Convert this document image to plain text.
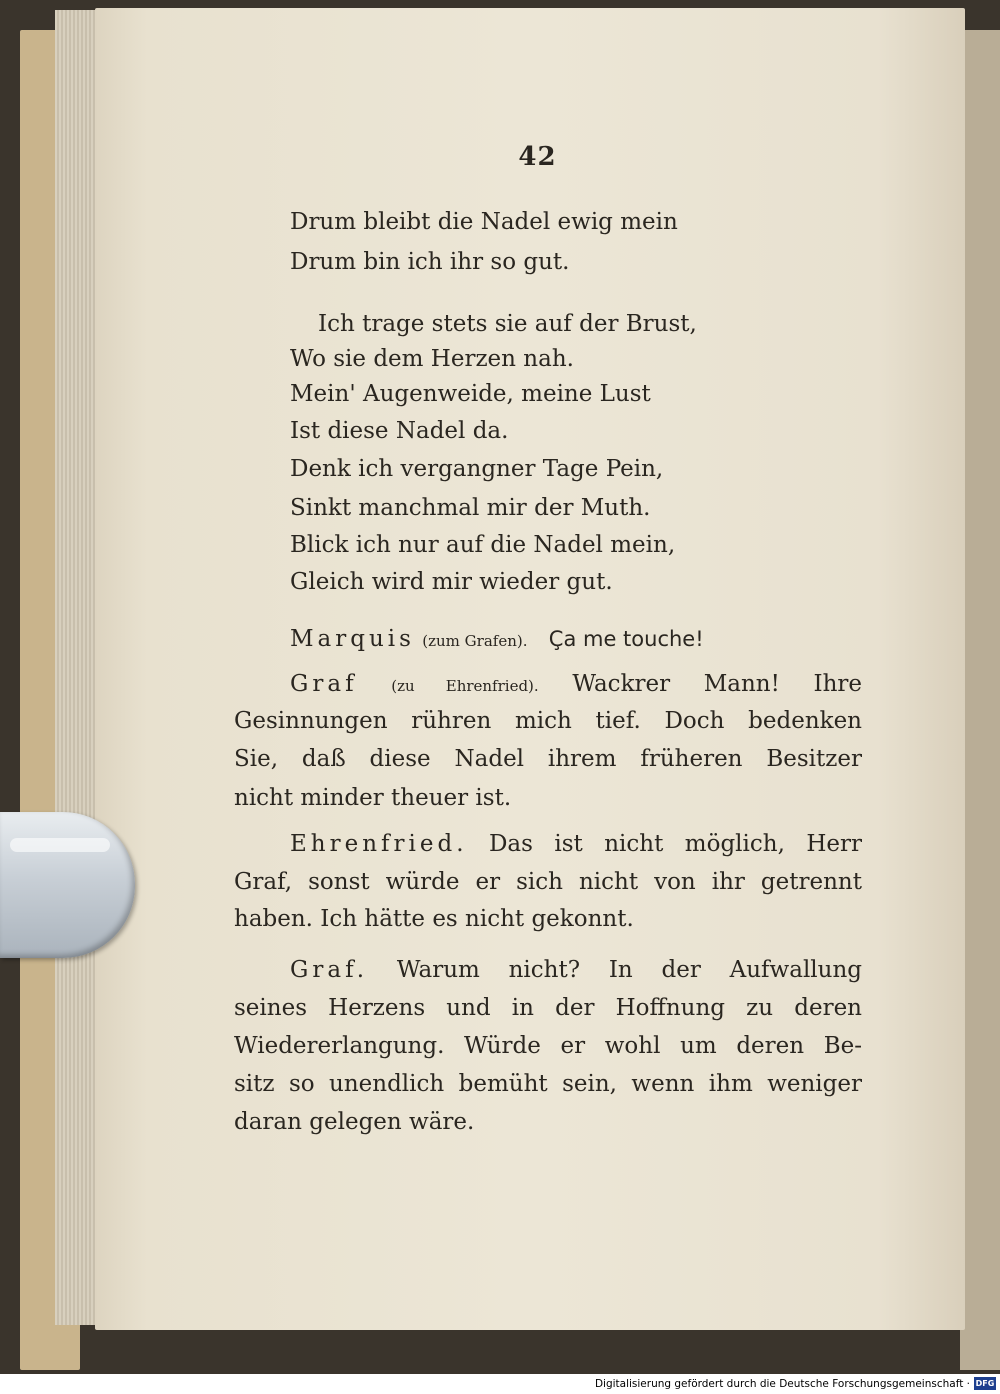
42
Drum bleibt die Nadel ewig mein
Drum bin ich ihr so gut.
Ich trage stets sie auf der Brust,
Wo sie dem Herzen nah.
Mein' Augenweide, meine Lust
Ist diese Nadel da.
Denk ich vergangner Tage Pein,
Sinkt manchmal mir der Muth.
Blick ich nur auf die Nadel mein,
Gleich wird mir wieder gut.
Marquis (zum Grafen). Ça me touche!
Graf (zu Ehrenfried). Wackrer Mann! Ihre
Gesinnungen rühren mich tief. Doch bedenken
Sie, daß diese Nadel ihrem früheren Besitzer
nicht minder theuer ist.
Ehrenfried. Das ist nicht möglich, Herr
Graf, sonst würde er sich nicht von ihr getrennt
haben. Ich hätte es nicht gekonnt.
Graf. Warum nicht? In der Aufwallung
seines Herzens und in der Hoffnung zu deren
Wiedererlangung. Würde er wohl um deren Be-
sitz so unendlich bemüht sein, wenn ihm weniger
daran gelegen wäre.
Digitalisierung gefördert durch die Deutsche Forschungsgemeinschaft · DFG
